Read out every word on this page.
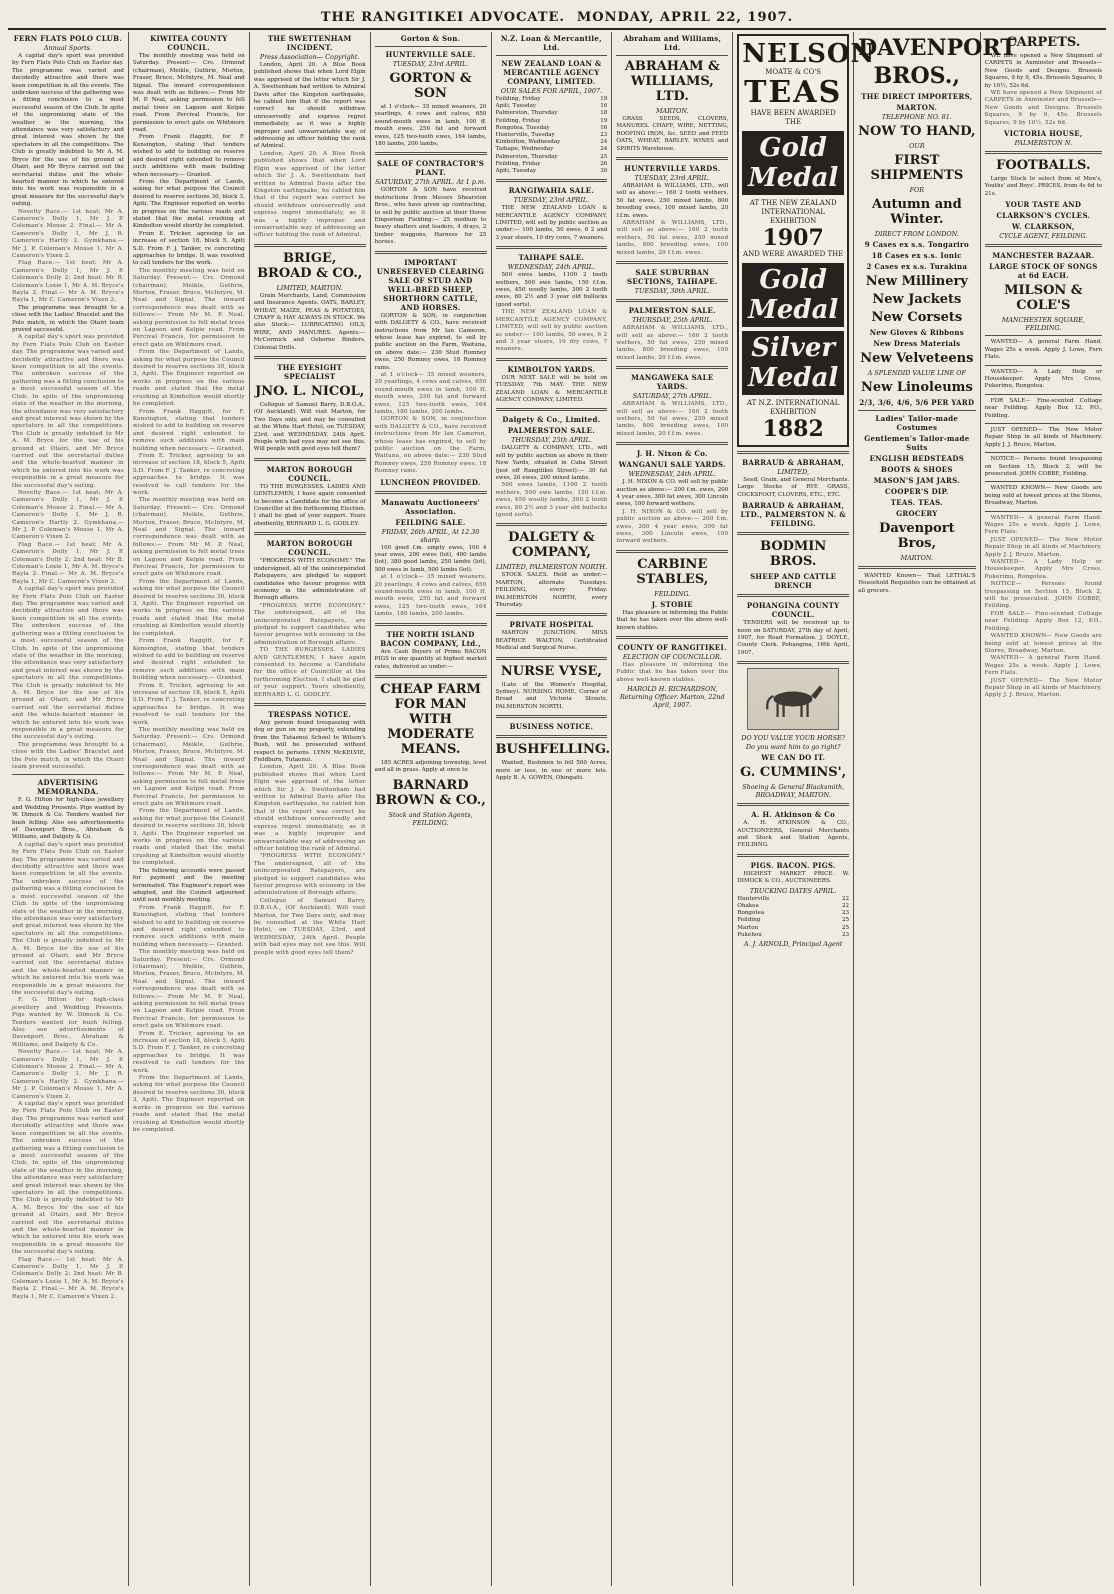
THE RANGITIKEI ADVOCATE. MONDAY, APRIL 22, 1907.
FERN FLATS POLO CLUB.
Annual Sports.

A capital day's sport was provided by Fern Flats Polo Club on Easter day. The programme was varied and decidedly attractive and there was keen competition in all the events. The unbroken success of the gathering was a fitting conclusion to a most successful season of the Club. In spite of the unpromising state of the weather in the morning, the attendance was very satisfactory and great interest was shown by the spectators in all the competitions. The Club is greatly indebted to Mr A. M. Bryce for the use of his ground at Otairi, and Mr Bryce carried out the secretarial duties and the whole-hearted manner in which he entered into his work was responsible in a great measure for the successful day's outing.

Novelty Race.— 1st heat: Mr A. Cameron's Dolly 1, Mr J. P. Coleman's Mouse 2. Final.— Mr A. Cameron's Dolly 1, Mr J. R. Cameron's Hartly 2. Gymkhana.— Mr J. P. Coleman's Mouse 1, Mr A. Cameron's Vixen 2.

Flag Race.— 1st heat: Mr A. Cameron's Dolly 1, Mr J. P. Coleman's Dolly 2; 2nd heat: Mr B. Coleman's Loxie 1, Mr A. M. Bryce's Rayla 2. Final.— Mr A. M. Bryce's Rayla 1, Mr C. Cameron's Vixen 2.

The programme was brought to a close with the Ladies' Bracelet and the Polo match, in which the Otairi team proved successful.

A capital day's sport was provided by Fern Flats Polo Club on Easter day. The programme was varied and decidedly attractive and there was keen competition in all the events. The unbroken success of the gathering was a fitting conclusion to a most successful season of the Club. In spite of the unpromising state of the weather in the morning, the attendance was very satisfactory and great interest was shown by the spectators in all the competitions. The Club is greatly indebted to Mr A. M. Bryce for the use of his ground at Otairi, and Mr Bryce carried out the secretarial duties and the whole-hearted manner in which he entered into his work was responsible in a great measure for the successful day's outing.

Novelty Race.— 1st heat: Mr A. Cameron's Dolly 1, Mr J. P. Coleman's Mouse 2. Final.— Mr A. Cameron's Dolly 1, Mr J. R. Cameron's Hartly 2. Gymkhana.— Mr J. P. Coleman's Mouse 1, Mr A. Cameron's Vixen 2.

Flag Race.— 1st heat: Mr A. Cameron's Dolly 1, Mr J. P. Coleman's Dolly 2; 2nd heat: Mr B. Coleman's Loxie 1, Mr A. M. Bryce's Rayla 2. Final.— Mr A. M. Bryce's Rayla 1, Mr C. Cameron's Vixen 2.

A capital day's sport was provided by Fern Flats Polo Club on Easter day. The programme was varied and decidedly attractive and there was keen competition in all the events. The unbroken success of the gathering was a fitting conclusion to a most successful season of the Club. In spite of the unpromising state of the weather in the morning, the attendance was very satisfactory and great interest was shown by the spectators in all the competitions. The Club is greatly indebted to Mr A. M. Bryce for the use of his ground at Otairi, and Mr Bryce carried out the secretarial duties and the whole-hearted manner in which he entered into his work was responsible in a great measure for the successful day's outing.

The programme was brought to a close with the Ladies' Bracelet and the Polo match, in which the Otairi team proved successful.

ADVERTISING MEMORANDA.

F. G. Hilton for high-class jewellery and Wedding Presents. Pigs wanted by W. Dimock & Co. Tenders wanted for bush felling. Also see advertisements of Davenport Bros., Abraham & Williams, and Dalgety & Co.

A capital day's sport was provided by Fern Flats Polo Club on Easter day. The programme was varied and decidedly attractive and there was keen competition in all the events. The unbroken success of the gathering was a fitting conclusion to a most successful season of the Club. In spite of the unpromising state of the weather in the morning, the attendance was very satisfactory and great interest was shown by the spectators in all the competitions. The Club is greatly indebted to Mr A. M. Bryce for the use of his ground at Otairi, and Mr Bryce carried out the secretarial duties and the whole-hearted manner in which he entered into his work was responsible in a great measure for the successful day's outing.

F. G. Hilton for high-class jewellery and Wedding Presents. Pigs wanted by W. Dimock & Co. Tenders wanted for bush felling. Also see advertisements of Davenport Bros., Abraham & Williams, and Dalgety & Co.

Novelty Race.— 1st heat: Mr A. Cameron's Dolly 1, Mr J. P. Coleman's Mouse 2. Final.— Mr A. Cameron's Dolly 1, Mr J. R. Cameron's Hartly 2. Gymkhana.— Mr J. P. Coleman's Mouse 1, Mr A. Cameron's Vixen 2.

A capital day's sport was provided by Fern Flats Polo Club on Easter day. The programme was varied and decidedly attractive and there was keen competition in all the events. The unbroken success of the gathering was a fitting conclusion to a most successful season of the Club. In spite of the unpromising state of the weather in the morning, the attendance was very satisfactory and great interest was shown by the spectators in all the competitions. The Club is greatly indebted to Mr A. M. Bryce for the use of his ground at Otairi, and Mr Bryce carried out the secretarial duties and the whole-hearted manner in which he entered into his work was responsible in a great measure for the successful day's outing.

Flag Race.— 1st heat: Mr A. Cameron's Dolly 1, Mr J. P. Coleman's Dolly 2; 2nd heat: Mr B. Coleman's Loxie 1, Mr A. M. Bryce's Rayla 2. Final.— Mr A. M. Bryce's Rayla 1, Mr C. Cameron's Vixen 2.

KIWITEA COUNTY COUNCIL.

The monthly meeting was held on Saturday. Present:— Crs. Ormond (chairman), Meikle, Guthrie, Morton, Fraser, Bruce, McIntyre, M. Neal and Signal. The inward correspondence was dealt with as follows:— From Mr M. P. Neal, asking permission to fell metal trees on Lagoon and Kelpie road. From Percival Francis, for permission to erect gate on Whitmore road.

From Frank Haggitt, for F. Kensington, stating that tenders wished to add to building on reserve and desired right extended to remove such additions with main building when necessary.— Granted.

From the Department of Lands, asking for what purpose the Council desired to reserve sections 30, block 3, Apiti. The Engineer reported on works in progress on the various roads and stated that the metal crushing at Kimbolton would shortly be completed.

From E. Tricker, agreeing to an increase of section 18, block 5, Apiti S.D. From F. J. Tanker, re concreting approaches to bridge. It was resolved to call tenders for the work.

The monthly meeting was held on Saturday. Present:— Crs. Ormond (chairman), Meikle, Guthrie, Morton, Fraser, Bruce, McIntyre, M. Neal and Signal. The inward correspondence was dealt with as follows:— From Mr M. P. Neal, asking permission to fell metal trees on Lagoon and Kelpie road. From Percival Francis, for permission to erect gate on Whitmore road.

From the Department of Lands, asking for what purpose the Council desired to reserve sections 30, block 3, Apiti. The Engineer reported on works in progress on the various roads and stated that the metal crushing at Kimbolton would shortly be completed.

From Frank Haggitt, for F. Kensington, stating that tenders wished to add to building on reserve and desired right extended to remove such additions with main building when necessary.— Granted.

From E. Tricker, agreeing to an increase of section 18, block 5, Apiti S.D. From F. J. Tanker, re concreting approaches to bridge. It was resolved to call tenders for the work.

The monthly meeting was held on Saturday. Present:— Crs. Ormond (chairman), Meikle, Guthrie, Morton, Fraser, Bruce, McIntyre, M. Neal and Signal. The inward correspondence was dealt with as follows:— From Mr M. P. Neal, asking permission to fell metal trees on Lagoon and Kelpie road. From Percival Francis, for permission to erect gate on Whitmore road.

From the Department of Lands, asking for what purpose the Council desired to reserve sections 30, block 3, Apiti. The Engineer reported on works in progress on the various roads and stated that the metal crushing at Kimbolton would shortly be completed.

From Frank Haggitt, for F. Kensington, stating that tenders wished to add to building on reserve and desired right extended to remove such additions with main building when necessary.— Granted.

From E. Tricker, agreeing to an increase of section 18, block 5, Apiti S.D. From F. J. Tanker, re concreting approaches to bridge. It was resolved to call tenders for the work.

The monthly meeting was held on Saturday. Present:— Crs. Ormond (chairman), Meikle, Guthrie, Morton, Fraser, Bruce, McIntyre, M. Neal and Signal. The inward correspondence was dealt with as follows:— From Mr M. P. Neal, asking permission to fell metal trees on Lagoon and Kelpie road. From Percival Francis, for permission to erect gate on Whitmore road.

From the Department of Lands, asking for what purpose the Council desired to reserve sections 30, block 3, Apiti. The Engineer reported on works in progress on the various roads and stated that the metal crushing at Kimbolton would shortly be completed.

The following accounts were passed for payment and the meeting terminated. The Engineer's report was adopted, and the Council adjourned until next monthly meeting.

From Frank Haggitt, for F. Kensington, stating that tenders wished to add to building on reserve and desired right extended to remove such additions with main building when necessary.— Granted.

The monthly meeting was held on Saturday. Present:— Crs. Ormond (chairman), Meikle, Guthrie, Morton, Fraser, Bruce, McIntyre, M. Neal and Signal. The inward correspondence was dealt with as follows:— From Mr M. P. Neal, asking permission to fell metal trees on Lagoon and Kelpie road. From Percival Francis, for permission to erect gate on Whitmore road.

From E. Tricker, agreeing to an increase of section 18, block 5, Apiti S.D. From F. J. Tanker, re concreting approaches to bridge. It was resolved to call tenders for the work.

From the Department of Lands, asking for what purpose the Council desired to reserve sections 30, block 3, Apiti. The Engineer reported on works in progress on the various roads and stated that the metal crushing at Kimbolton would shortly be completed.

THE SWETTENHAM INCIDENT.
Press Association— Copyright.

London, April 20. A Blue Book published shows that when Lord Elgin was apprised of the letter which Sir J. A. Swettenham had written to Admiral Davis after the Kingston earthquake, he cabled him that if the report was correct he should withdraw unreservedly and express regret immediately, as it was a highly improper and unwarrantable way of addressing an officer holding the rank of Admiral.

London, April 20. A Blue Book published shows that when Lord Elgin was apprised of the letter which Sir J. A. Swettenham had written to Admiral Davis after the Kingston earthquake, he cabled him that if the report was correct he should withdraw unreservedly and express regret immediately, as it was a highly improper and unwarrantable way of addressing an officer holding the rank of Admiral.

BRIGE, BROAD & CO.,
LIMITED, MARTON.

Grain Merchants, Land, Commission and Insurance Agents. OATS, BARLEY, WHEAT, MAIZE, PEAS & POTATOES, CHAFF & HAY ALWAYS IN STOCK. We also Stock:— LUBRICATING OILS, WIRE, AND MANURES. Agents:— McCormick and Osborne Binders, Colonial Drills.

THE EYESIGHT SPECIALIST
JNO. L. NICOL,

Collegue of Samuel Barry, D.B.O.A., (Of Auckland). Will visit Marton, for Two Days only, and may be consulted at the White Hart Hotel, on TUESDAY, 23rd, and WEDNESDAY, 24th April. People with bad eyes may not see this. Will people with good eyes tell them?

MARTON BOROUGH COUNCIL.

TO THE BURGESSES. LADIES AND GENTLEMEN, I have again consented to become a Candidate for the office of Councillor at the forthcoming Election. I shall be glad of your support. Yours obediently, BERNARD L. G. GODLEY.

MARTON BOROUGH COUNCIL.

"PROGRESS WITH ECONOMY." The undersigned, all of the unincorporated Ratepayers, are pledged to support candidates who favour progress with economy in the administration of Borough affairs.

"PROGRESS WITH ECONOMY." The undersigned, all of the unincorporated Ratepayers, are pledged to support candidates who favour progress with economy in the administration of Borough affairs.

TO THE BURGESSES. LADIES AND GENTLEMEN, I have again consented to become a Candidate for the office of Councillor at the forthcoming Election. I shall be glad of your support. Yours obediently, BERNARD L. G. GODLEY.

TRESPASS NOTICE.

Any person found trespassing with dog or gun on my property, extending from the Tutaenui School to Wilson's Bush, will be prosecuted without respect to persons. LYNN McKELVIE, Fieldburn, Tutaenui.

London, April 20. A Blue Book published shows that when Lord Elgin was apprised of the letter which Sir J. A. Swettenham had written to Admiral Davis after the Kingston earthquake, he cabled him that if the report was correct he should withdraw unreservedly and express regret immediately, as it was a highly improper and unwarrantable way of addressing an officer holding the rank of Admiral.

"PROGRESS WITH ECONOMY." The undersigned, all of the unincorporated Ratepayers, are pledged to support candidates who favour progress with economy in the administration of Borough affairs.

Collegue of Samuel Barry, D.B.O.A., (Of Auckland). Will visit Marton, for Two Days only, and may be consulted at the White Hart Hotel, on TUESDAY, 23rd, and WEDNESDAY, 24th April. People with bad eyes may not see this. Will people with good eyes tell them?

Gorton & Son.
HUNTERVILLE SALE.
TUESDAY, 23rd APRIL.
GORTON & SON

at 1 o'clock— 35 mixed weaners, 20 yearlings, 4 cows and calves, 650 sound-mouth ewes in lamb, 100 ff. mouth ewes, 250 fat and forward ewes, 125 two-tooth ewes, 164 lambs, 180 lambs, 200 lambs.

SALE OF CONTRACTOR'S PLANT.
SATURDAY, 27th APRIL. At 1 p.m.

GORTON & SON have received instructions from Messrs Shearston Bros., who have given up contracting, to sell by public auction at their Horse Emporium Fielding:— 25 medium to heavy shafters and leaders, 4 drays, 2 timber waggons, Harness for 25 horses.

IMPORTANT UNRESERVED CLEARING SALE OF STUD AND WELL-BRED SHEEP, SHORTHORN CATTLE, AND HORSES.

GORTON & SON, in conjunction with DALGETY & CO., have received instructions from Mr Ian Cameron, whose lease has expired, to sell by public auction on the Farm, Waituna, on above date:— 230 Stud Romney ewes, 250 Romney ewes, 18 Romney rams.

at 1 o'clock— 35 mixed weaners, 20 yearlings, 4 cows and calves, 650 sound-mouth ewes in lamb, 100 ff. mouth ewes, 250 fat and forward ewes, 125 two-tooth ewes, 164 lambs, 180 lambs, 200 lambs.

GORTON & SON, in conjunction with DALGETY & CO., have received instructions from Mr Ian Cameron, whose lease has expired, to sell by public auction on the Farm, Waituna, on above date:— 230 Stud Romney ewes, 250 Romney ewes, 18 Romney rams.

LUNCHEON PROVIDED.
Manawatu Auctioneers' Association.
FEILDING SALE.
FRIDAY, 26th APRIL, At 12.30 sharp.

100 good f.m. empty ewes, 100 4 year ewes, 200 ewes (lot), 400 lambs (lot), 380 good lambs, 250 lambs (lot), 500 ewes in lamb, 500 lambs (lot).

at 1 o'clock— 35 mixed weaners, 20 yearlings, 4 cows and calves, 650 sound-mouth ewes in lamb, 100 ff. mouth ewes, 250 fat and forward ewes, 125 two-tooth ewes, 164 lambs, 180 lambs, 200 lambs.

THE NORTH ISLAND BACON COMPANY, Ltd.,

Are Cash Buyers of Prime BACON PIGS in any quantity at highest market rates, delivered as under:—

CHEAP FARM FOR MAN WITH MODERATE MEANS.

185 ACRES adjoining township, level and all in grass. Apply at once to

BARNARD BROWN & CO.,
Stock and Station Agents, FEILDING.
N.Z. Loan & Mercantile, Ltd.
NEW ZEALAND LOAN & MERCANTILE AGENCY COMPANY, LIMITED.
OUR SALES FOR APRIL, 1907.
Feilding, Friday	19
Apiti, Tuesday	16
Palmerston, Thursday	18
Feilding, Friday	19
Rongotea, Tuesday	16
Hunterville, Tuesday	23
Kimbolton, Wednesday	24
Taihape, Wednesday	24
Palmerston, Thursday	25
Feilding, Friday	26
Apiti, Tuesday	30
RANGIWAHIA SALE.
TUESDAY, 23rd APRIL.

THE NEW ZEALAND LOAN & MERCANTILE AGENCY COMPANY, LIMITED, will sell by public auction as under:— 100 lambs, 50 ewes, 6 2 and 3 year steers, 10 dry cows, 7 weaners.

TAIHAPE SALE.
WEDNESDAY, 24th APRIL.

500 ewes lambs, 1100 2 tooth wethers, 500 ewe lambs, 150 f.f.m. ewes, 450 woolly lambs, 300 2 tooth ewes, 80 2½ and 3 year old bullocks (good sorts).

THE NEW ZEALAND LOAN & MERCANTILE AGENCY COMPANY, LIMITED, will sell by public auction as under:— 100 lambs, 50 ewes, 6 2 and 3 year steers, 10 dry cows, 7 weaners.

KIMBOLTON YARDS.

OUR NEXT SALE will be held on TUESDAY, 7th MAY. THE NEW ZEALAND LOAN & MERCANTILE AGENCY COMPANY, LIMITED.

Dalgety & Co., Limited.
PALMERSTON SALE.
THURSDAY, 25th APRIL.

DALGETY & COMPANY, LTD., will sell by public auction as above in their New Yards, situated in Cuba Street (just off Rangitikei Street):— 30 fat ewes, 20 ewes, 200 mixed lambs.

500 ewes lambs, 1100 2 tooth wethers, 500 ewe lambs, 150 f.f.m. ewes, 450 woolly lambs, 300 2 tooth ewes, 80 2½ and 3 year old bullocks (good sorts).

DALGETY & COMPANY,
LIMITED, PALMERSTON NORTH.

STOCK SALES. Held as under:— MARTON, alternate Tuesdays. FEILDING, every Friday. PALMERSTON NORTH, every Thursday.

PRIVATE HOSPITAL

MARTON JUNCTION. MISS BEATRICE WALTON, Certificated Medical and Surgical Nurse.

NURSE VYSE,

(Late of the Women's Hospital, Sydney). NURSING HOME, Corner of Broad and Victoria Streets, PALMERSTON NORTH.

BUSINESS NOTICE.
BUSHFELLING.

Wanted, Bushmen to fell 500 Acres, more or less, in one or more lots. Apply B. A. GOWEN, Ohingaiti.

Abraham and Williams, Ltd.
ABRAHAM & WILLIAMS, LTD.
MARTON.

GRASS SEEDS, CLOVERS, MANURES. CHAFF, WIRE, NETTING, ROOFING IRON, &c. SEED and FEED OATS, WHEAT, BARLEY. WINES and SPIRITS Warehouse.

HUNTERVILLE YARDS.
TUESDAY, 23rd APRIL.

ABRAHAM & WILLIAMS, LTD., will sell as above:— 160 2 tooth wethers, 50 fat ewes, 250 mixed lambs, 800 breeding ewes, 100 mixed lambs, 20 f.f.m. ewes.

ABRAHAM & WILLIAMS, LTD., will sell as above:— 160 2 tooth wethers, 50 fat ewes, 250 mixed lambs, 800 breeding ewes, 100 mixed lambs, 20 f.f.m. ewes.

SALE SUBURBAN SECTIONS, TAIHAPE.
TUESDAY, 30th APRIL.
PALMERSTON SALE.
THURSDAY, 25th APRIL.

ABRAHAM & WILLIAMS, LTD., will sell as above:— 160 2 tooth wethers, 50 fat ewes, 250 mixed lambs, 800 breeding ewes, 100 mixed lambs, 20 f.f.m. ewes.

MANGAWEKA SALE YARDS.
SATURDAY, 27th APRIL.

ABRAHAM & WILLIAMS, LTD., will sell as above:— 160 2 tooth wethers, 50 fat ewes, 250 mixed lambs, 800 breeding ewes, 100 mixed lambs, 20 f.f.m. ewes.

J. H. Nixon & Co.
WANGANUI SALE YARDS.
WEDNESDAY, 24th APRIL.

J. H. NIXON & CO. will sell by public auction as above:— 200 f.m. ewes, 200 4 year ewes, 300 fat ewes, 300 Lincoln ewes, 100 forward wethers.

J. H. NIXON & CO. will sell by public auction as above:— 200 f.m. ewes, 200 4 year ewes, 300 fat ewes, 300 Lincoln ewes, 100 forward wethers.

CARBINE STABLES,
FEILDING.
J. STOBIE

Has pleasure in informing the Public that he has taken over the above well-known stables.

COUNTY OF RANGITIKEI.
ELECTION OF COUNCILLOR.

Has pleasure in informing the Public that he has taken over the above well-known stables.

HAROLD H. RICHARDSON, Returning Officer. Marton, 22nd April, 1907.
NELSON
MOATE & CO'S
TEAS
HAVE BEEN AWARDED THE
Gold Medal
AT THE NEW ZEALAND INTERNATIONAL EXHIBITION
1907
AND WERE AWARDED THE
Gold Medal
Silver Medal
AT N.Z. INTERNATIONAL EXHIBITION
1882
BARRAUD & ABRAHAM,
LIMITED,

Seed, Grain, and General Merchants. Large Stocks of RYE GRASS, COCKSFOOT, CLOVERS, ETC., ETC.

BARRAUD & ABRAHAM, LTD., PALMERSTON N. & FEILDING.
BODMIN BROS.
SHEEP AND CATTLE DRENCH
POHANGINA COUNTY COUNCIL.

TENDERS will be received up to noon on SATURDAY, 27th day of April, 1907, for Road Formation. J. DOYLE, County Clerk. Pohangina, 16th April, 1907.

DO YOU VALUE YOUR HORSE?
Do you want him to go right?
WE CAN DO IT.
G. CUMMINS',
Shoeing & General Blacksmith, BROADWAY, MARTON.
A. H. Atkinson & Co

A. H. ATKINSON & CO., AUCTIONEERS, General Merchants and Stock and Station Agents, FEILDING.

PIGS. BACON. PIGS.

HIGHEST MARKET PRICE. W. DIMOCK & CO., AUCTIONEERS.

TRUCKING DATES APRIL.
Hunterville	22
Ohakea	22
Rongotea	23
Feilding	25
Marton	25
Pukehou	23
A. J. ARNOLD, Principal Agent
DAVENPORT
BROS.,
THE DIRECT IMPORTERS,
MARTON.
TELEPHONE NO. 81.
NOW TO HAND,
OUR
FIRST SHIPMENTS
FOR
Autumn and Winter.
DIRECT FROM LONDON.
9 Cases ex s.s. Tongariro
18 Cases ex s.s. Ionic
2 Cases ex s.s. Turakina
New Millinery
New Jackets
New Corsets
New Gloves & Ribbons
New Dress Materials
New Velveteens
A SPLENDID VALUE LINE OF
New Linoleums
2/3, 3/6, 4/6, 5/6 PER YARD
Ladies' Tailor-made Costumes
Gentlemen's Tailor-made Suits
ENGLISH BEDSTEADS
BOOTS & SHOES
MASON'S JAM JARS.
COOPER'S DIP.
TEAS. TEAS.
GROCERY
Davenport Bros,
MARTON.

WANTED Known— That LETHAL'S Household Requisites can be obtained at all grocers.

CARPETS.

WE have opened a New Shipment of CARPETS in Axminster and Brussels— New Goods and Designs. Brussels Squares, 9 by 9, 45s. Brussels Squares, 9 by 10½, 52s 6d.

WE have opened a New Shipment of CARPETS in Axminster and Brussels— New Goods and Designs. Brussels Squares, 9 by 9, 45s. Brussels Squares, 9 by 10½, 52s 6d.

VICTORIA HOUSE,
PALMERSTON N.
FOOTBALLS.

Large Stock to select from of Men's, Youths' and Boys'. PRICES, from 4s 6d to 21s.

YOUR TASTE AND
CLARKSON'S CYCLES.
W. CLARKSON,
CYCLE AGENT, FEILDING.
MANCHESTER BAZAAR.
LARGE STOCK OF SONGS at 6d EACH.
MILSON & COLE'S
MANCHESTER SQUARE, FEILDING.

WANTED— A general Farm Hand. Wages 25s a week. Apply J. Lowe, Fern Flats.

WANTED— A Lady Help or Housekeeper. Apply Mrs Cross, Pukerimu, Rongotea.

FOR SALE— Fine-scented Cottage near Feilding. Apply Box 12, P.O., Feilding.

JUST OPENED— The New Motor Repair Shop in all kinds of Machinery. Apply J. J. Bruce, Marton.

NOTICE— Persons found trespassing on Section 15, Block 2, will be prosecuted. JOHN COBBE, Feilding.

WANTED KNOWN— New Goods are being sold at lowest prices at the Stores, Broadway, Marton.

WANTED— A general Farm Hand. Wages 25s a week. Apply J. Lowe, Fern Flats.

JUST OPENED— The New Motor Repair Shop in all kinds of Machinery. Apply J. J. Bruce, Marton.

WANTED— A Lady Help or Housekeeper. Apply Mrs Cross, Pukerimu, Rongotea.

NOTICE— Persons found trespassing on Section 15, Block 2, will be prosecuted. JOHN COBBE, Feilding.

FOR SALE— Fine-scented Cottage near Feilding. Apply Box 12, P.O., Feilding.

WANTED KNOWN— New Goods are being sold at lowest prices at the Stores, Broadway, Marton.

WANTED— A general Farm Hand. Wages 25s a week. Apply J. Lowe, Fern Flats.

JUST OPENED— The New Motor Repair Shop in all kinds of Machinery. Apply J. J. Bruce, Marton.
